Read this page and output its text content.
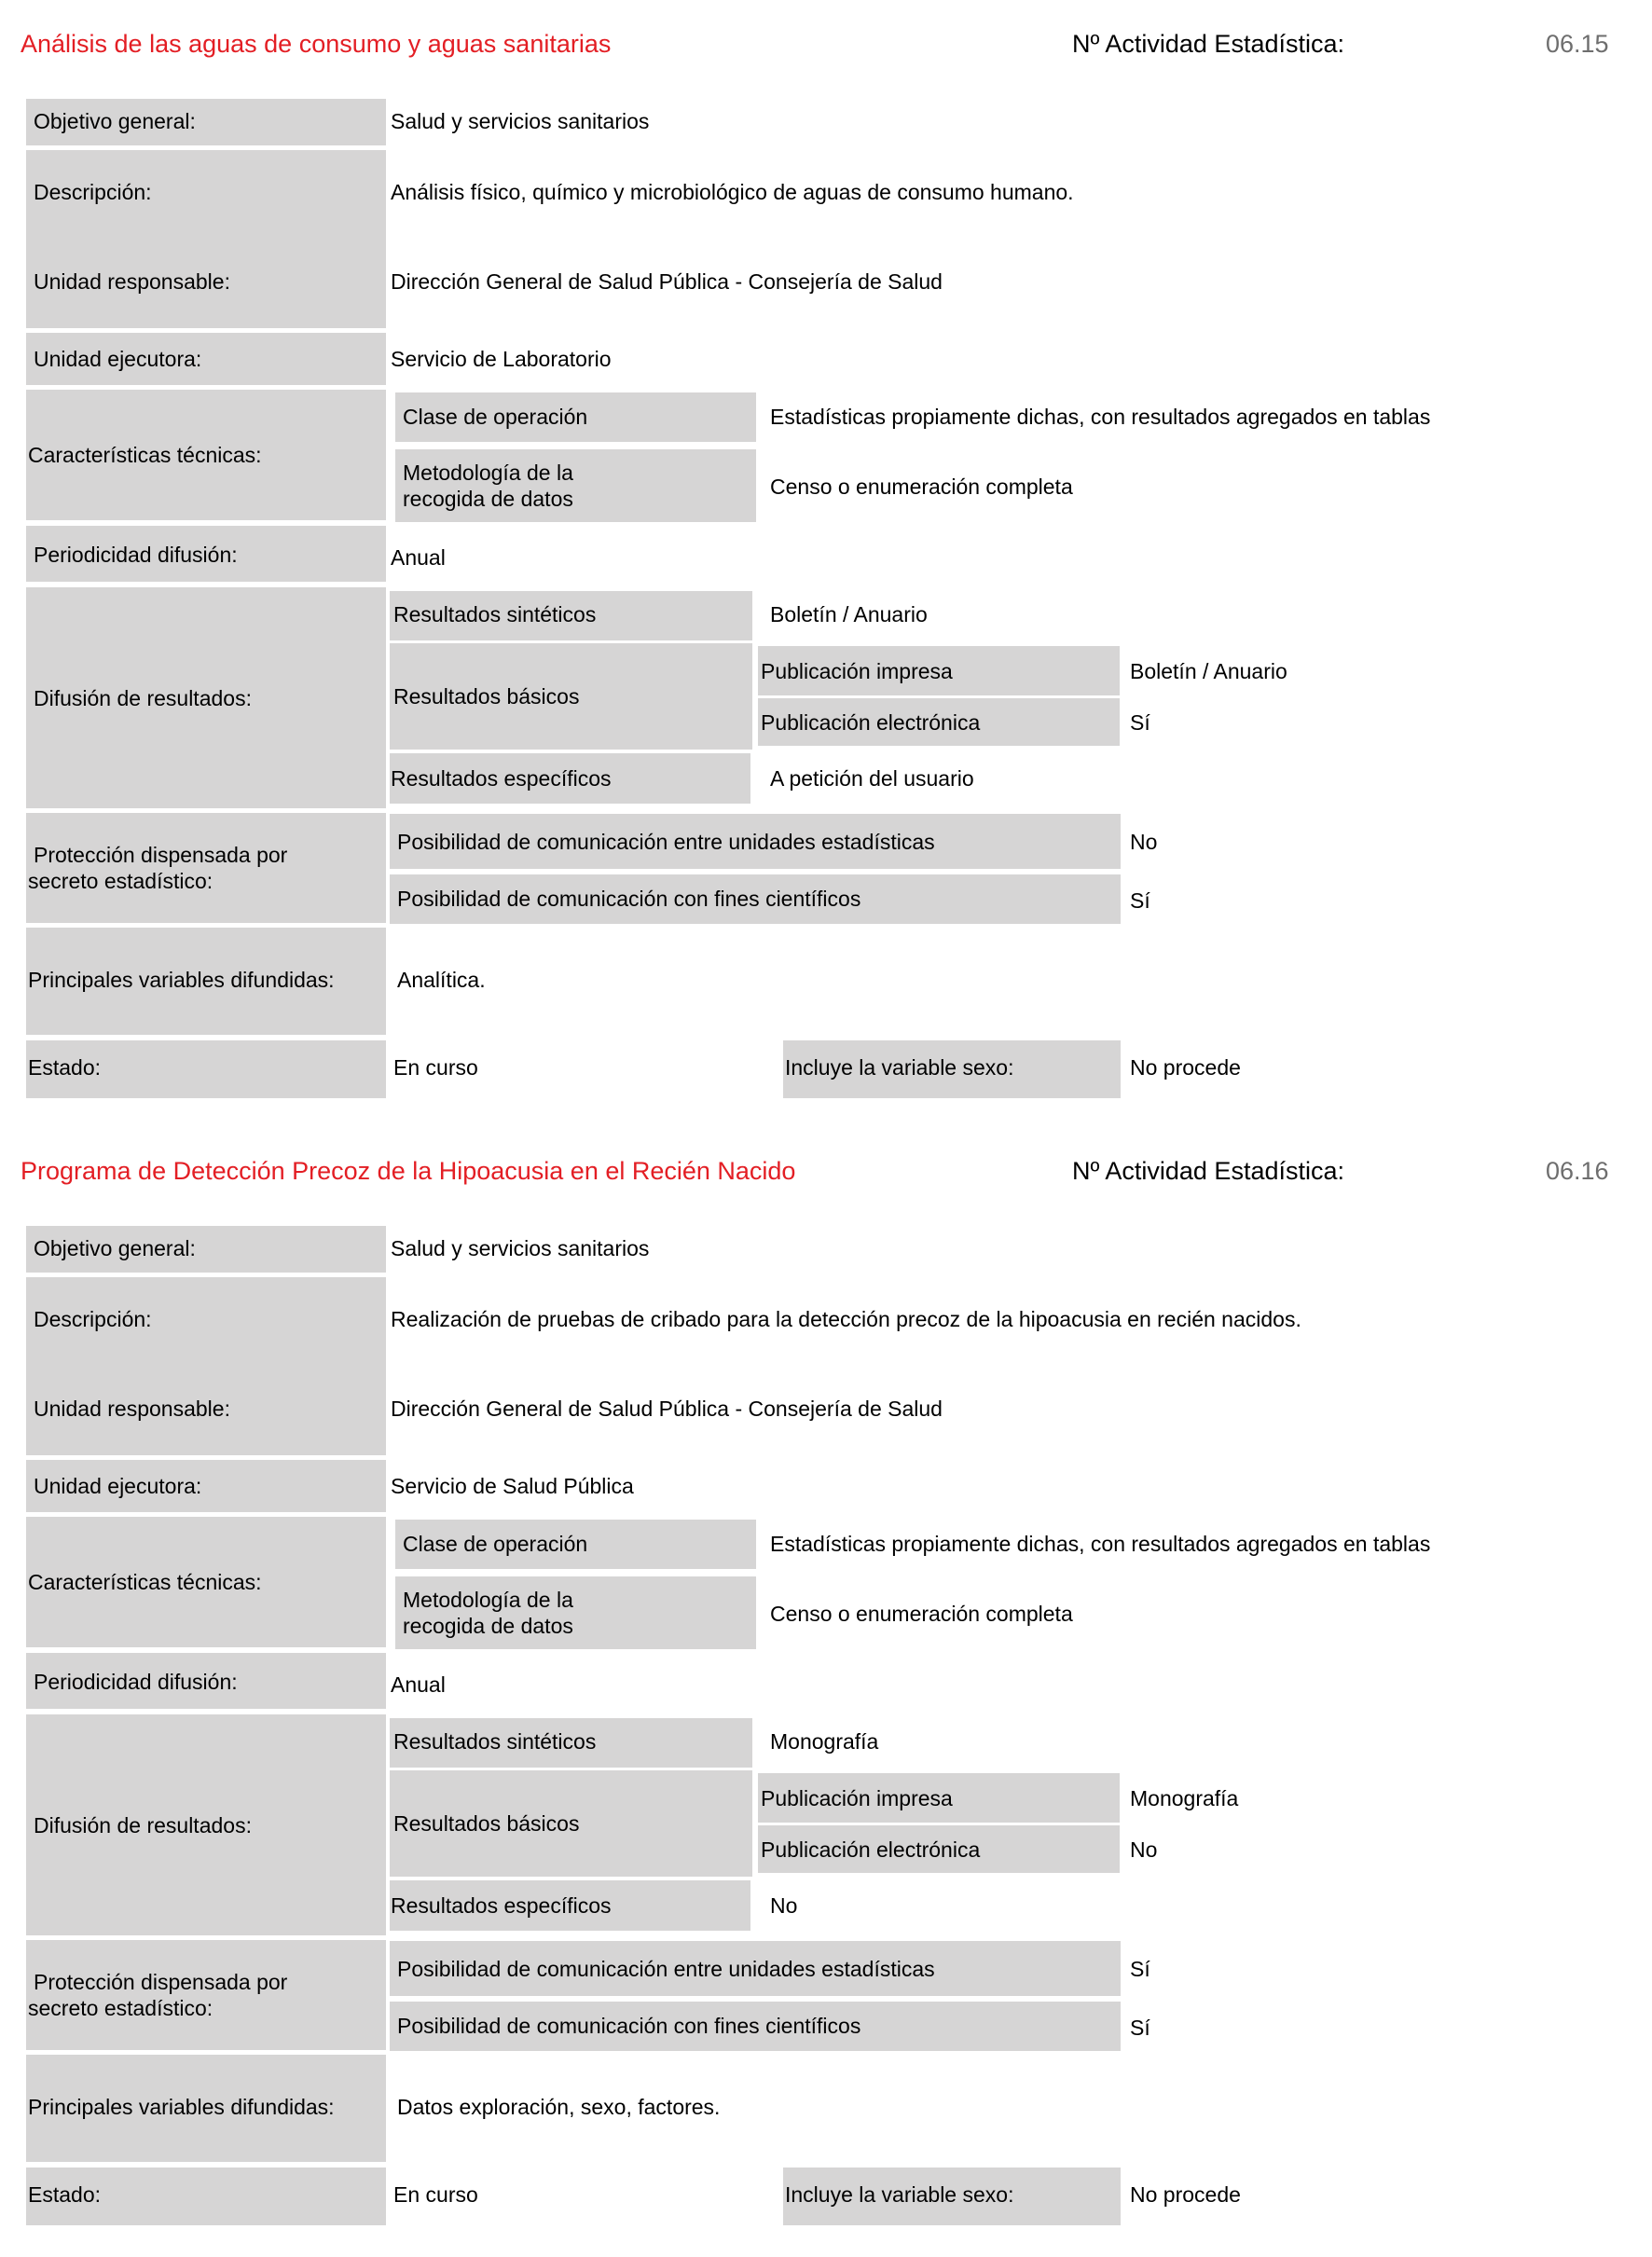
Análisis de las aguas de consumo y aguas sanitarias	Nº Actividad Estadística:	06.15
Objetivo general:	Salud y servicios sanitarios
Descripción:	Análisis físico, químico y microbiológico de aguas de consumo humano.
Unidad responsable:	Dirección General de Salud Pública - Consejería de Salud
Unidad ejecutora:	Servicio de Laboratorio
Características técnicas:
Clase de operación	Estadísticas propiamente dichas, con resultados agregados en tablas
Metodología de la
recogida de datos	Censo o enumeración completa
Periodicidad difusión:	Anual
Difusión de resultados:
Resultados sintéticos	Boletín / Anuario
Resultados básicos
Publicación impresa	Boletín / Anuario
Publicación electrónica	Sí
Resultados específicos	A petición del usuario
Protección dispensada por
secreto estadístico:
Posibilidad de comunicación entre unidades estadísticas	No
Posibilidad de comunicación con fines científicos	Sí
Principales variables difundidas:	Analítica.
Estado:	En curso	Incluye la variable sexo:	No procede
Programa de Detección Precoz de la Hipoacusia en el Recién Nacido	Nº Actividad Estadística:	06.16
Objetivo general:	Salud y servicios sanitarios
Descripción:	Realización de pruebas de cribado para la detección precoz de la hipoacusia en recién nacidos.
Unidad responsable:	Dirección General de Salud Pública - Consejería de Salud
Unidad ejecutora:	Servicio de Salud Pública
Características técnicas:
Clase de operación	Estadísticas propiamente dichas, con resultados agregados en tablas
Metodología de la
recogida de datos	Censo o enumeración completa
Periodicidad difusión:	Anual
Difusión de resultados:
Resultados sintéticos	Monografía
Resultados básicos
Publicación impresa	Monografía
Publicación electrónica	No
Resultados específicos	No
Protección dispensada por
secreto estadístico:
Posibilidad de comunicación entre unidades estadísticas	Sí
Posibilidad de comunicación con fines científicos	Sí
Principales variables difundidas:	Datos exploración, sexo, factores.
Estado:	En curso	Incluye la variable sexo:	No procede
